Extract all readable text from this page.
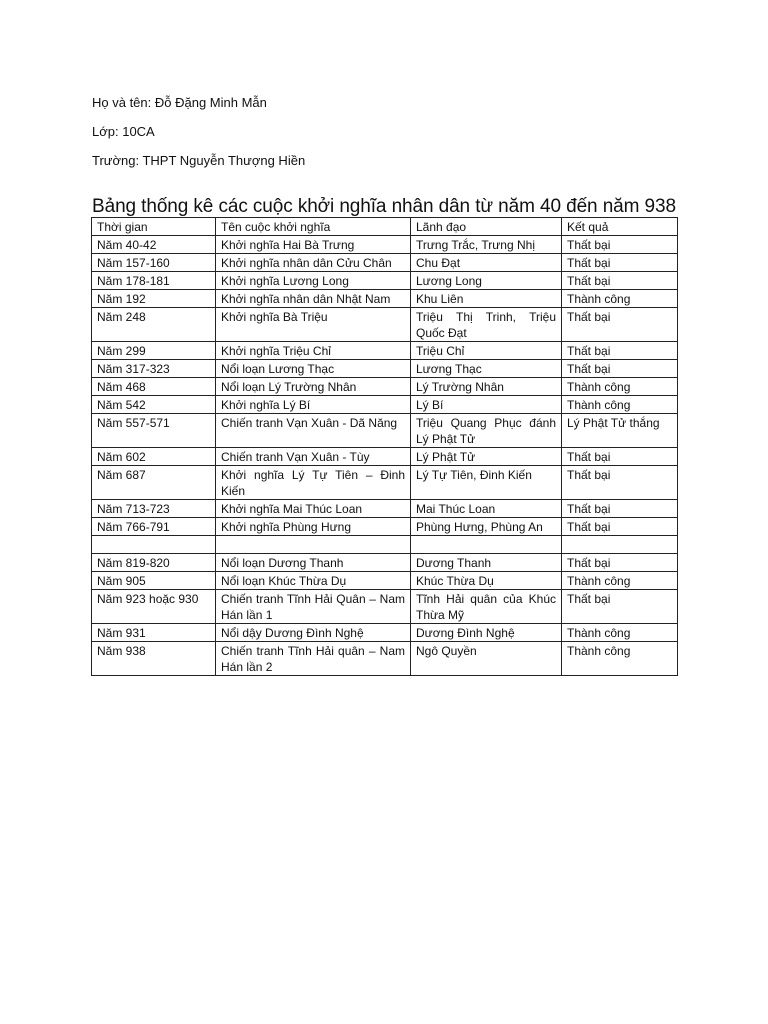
Họ và tên: Đỗ Đặng Minh Mẫn
Lớp: 10CA
Trường: THPT Nguyễn Thượng Hiền
Bảng thống kê các cuộc khởi nghĩa nhân dân từ năm 40 đến năm 938
Thời gian	Tên cuộc khởi nghĩa	Lãnh đạo	Kết quả
Năm 40-42	Khởi nghĩa Hai Bà Trưng	Trưng Trắc, Trưng Nhị	Thất bại
Năm 157-160	Khởi nghĩa nhân dân Cửu Chân	Chu Đạt	Thất bại
Năm 178-181	Khởi nghĩa Lương Long	Lương Long	Thất bại
Năm 192	Khởi nghĩa nhân dân Nhật Nam	Khu Liên	Thành công
Năm 248	Khởi nghĩa Bà Triệu	Triệu Thị Trinh, Triệu Quốc Đạt	Thất bại
Năm 299	Khởi nghĩa Triệu Chỉ	Triệu Chỉ	Thất bại
Năm 317-323	Nổi loạn Lương Thạc	Lương Thạc	Thất bại
Năm 468	Nổi loạn Lý Trường Nhân	Lý Trường Nhân	Thành công
Năm 542	Khởi nghĩa Lý Bí	Lý Bí	Thành công
Năm 557-571	Chiến tranh Vạn Xuân - Dã Năng	Triệu Quang Phục đánh Lý Phật Tử	Lý Phật Tử thắng
Năm 602	Chiến tranh Vạn Xuân - Tùy	Lý Phật Tử	Thất bại
Năm 687	Khởi nghĩa Lý Tự Tiên – Đinh Kiến	Lý Tự Tiên, Đinh Kiến	Thất bại
Năm 713-723	Khởi nghĩa Mai Thúc Loan	Mai Thúc Loan	Thất bại
Năm 766-791	Khởi nghĩa Phùng Hưng	Phùng Hưng, Phùng An	Thất bại

Năm 819-820	Nổi loạn Dương Thanh	Dương Thanh	Thất bại
Năm 905	Nổi loạn Khúc Thừa Dụ	Khúc Thừa Dụ	Thành công
Năm 923 hoặc 930	Chiến tranh Tĩnh Hải Quân – Nam Hán lần 1	Tĩnh Hải quân của Khúc Thừa Mỹ	Thất bại
Năm 931	Nổi dậy Dương Đình Nghệ	Dương Đình Nghệ	Thành công
Năm 938	Chiến tranh Tĩnh Hải quân – Nam Hán lần 2	Ngô Quyền	Thành công
